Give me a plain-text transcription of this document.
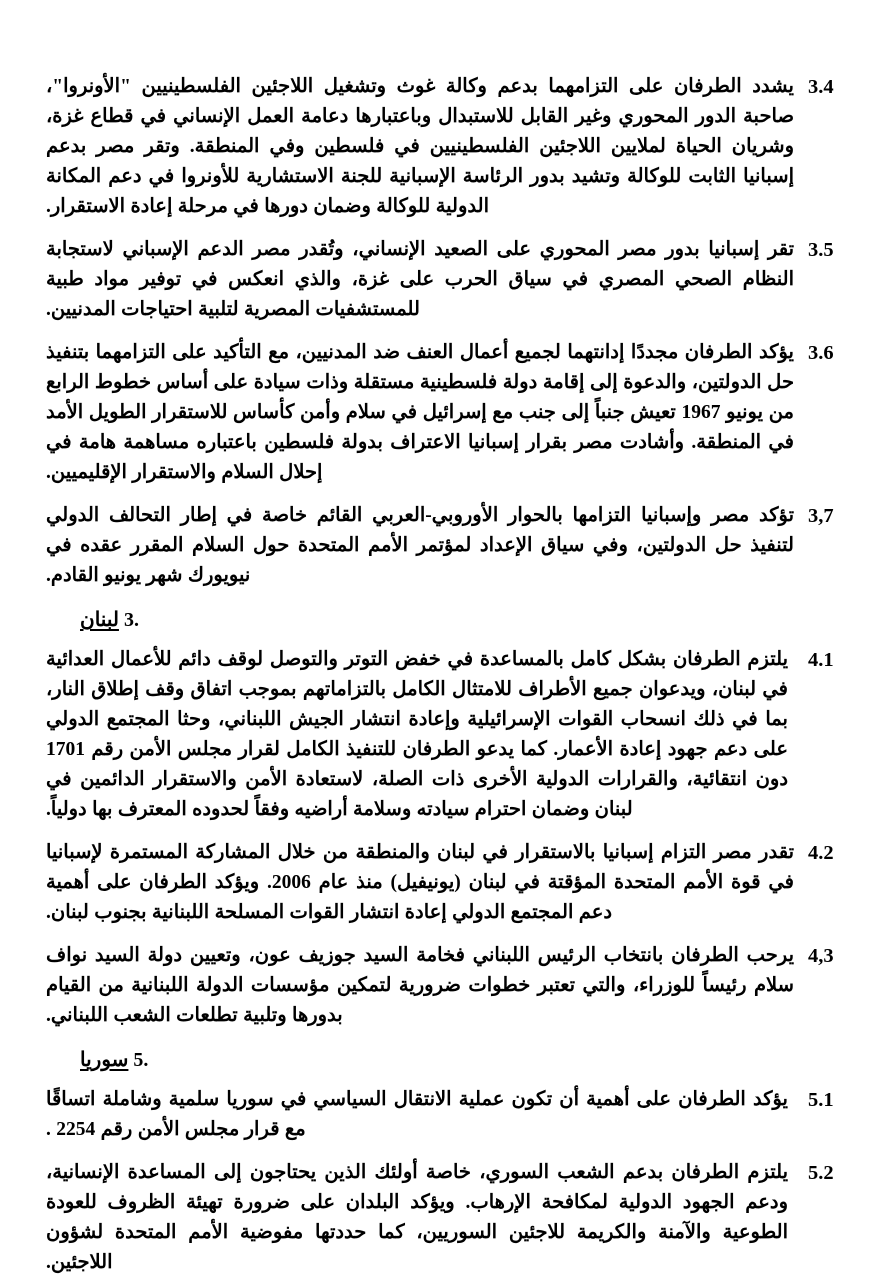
3.4
يشدد الطرفان على التزامهما بدعم وكالة غوث وتشغيل اللاجئين الفلسطينيين "الأونروا"، صاحبة الدور المحوري وغير القابل للاستبدال وباعتبارها دعامة العمل الإنساني في قطاع غزة، وشريان الحياة لملايين اللاجئين الفلسطينيين في فلسطين وفي المنطقة. وتقر مصر بدعم إسبانيا الثابت للوكالة وتشيد بدور الرئاسة الإسبانية للجنة الاستشارية للأونروا في دعم المكانة الدولية للوكالة وضمان دورها في مرحلة إعادة الاستقرار.
3.5
تقر إسبانيا بدور مصر المحوري على الصعيد الإنساني، وتُقدر مصر الدعم الإسباني لاستجابة النظام الصحي المصري في سياق الحرب على غزة، والذي انعكس في توفير مواد طبية للمستشفيات المصرية لتلبية احتياجات المدنيين.
3.6
يؤكد الطرفان مجددًا إدانتهما لجميع أعمال العنف ضد المدنيين، مع التأكيد على التزامهما بتنفيذ حل الدولتين، والدعوة إلى إقامة دولة فلسطينية مستقلة وذات سيادة على أساس خطوط الرابع من يونيو 1967 تعيش جنباً إلى جنب مع إسرائيل في سلام وأمن كأساس للاستقرار الطويل الأمد في المنطقة. وأشادت مصر بقرار إسبانيا الاعتراف بدولة فلسطين باعتباره مساهمة هامة في إحلال السلام والاستقرار الإقليميين.
3,7
تؤكد مصر وإسبانيا التزامها بالحوار الأوروبي-العربي القائم خاصة في إطار التحالف الدولي لتنفيذ حل الدولتين، وفي سياق الإعداد لمؤتمر الأمم المتحدة حول السلام المقرر عقده في نيويورك شهر يونيو القادم.
3. لبنان
4.1
يلتزم الطرفان بشكل كامل بالمساعدة في خفض التوتر والتوصل لوقف دائم للأعمال العدائية في لبنان، ويدعوان جميع الأطراف للامتثال الكامل بالتزاماتهم بموجب اتفاق وقف إطلاق النار، بما في ذلك انسحاب القوات الإسرائيلية وإعادة انتشار الجيش اللبناني، وحثا المجتمع الدولي على دعم جهود إعادة الأعمار. كما يدعو الطرفان للتنفيذ الكامل لقرار مجلس الأمن رقم 1701 دون انتقائية، والقرارات الدولية الأخرى ذات الصلة، لاستعادة الأمن والاستقرار الدائمين في لبنان وضمان احترام سيادته وسلامة أراضيه وفقاً لحدوده المعترف بها دولياً.
4.2
تقدر مصر التزام إسبانيا بالاستقرار في لبنان والمنطقة من خلال المشاركة المستمرة لإسبانيا في قوة الأمم المتحدة المؤقتة في لبنان (يونيفيل) منذ عام 2006. ويؤكد الطرفان على أهمية دعم المجتمع الدولي إعادة انتشار القوات المسلحة اللبنانية بجنوب لبنان.
4,3
يرحب الطرفان بانتخاب الرئيس اللبناني فخامة السيد جوزيف عون، وتعيين دولة السيد نواف سلام رئيساً للوزراء، والتي تعتبر خطوات ضرورية لتمكين مؤسسات الدولة اللبنانية من القيام بدورها وتلبية تطلعات الشعب اللبناني.
5. سوريا
5.1
يؤكد الطرفان على أهمية أن تكون عملية الانتقال السياسي في سوريا سلمية وشاملة اتساقًا مع قرار مجلس الأمن رقم 2254 .
5.2
يلتزم الطرفان بدعم الشعب السوري، خاصة أولئك الذين يحتاجون إلى المساعدة الإنسانية، ودعم الجهود الدولية لمكافحة الإرهاب. ويؤكد البلدان على ضرورة تهيئة الظروف للعودة الطوعية والآمنة والكريمة للاجئين السوريين، كما حددتها مفوضية الأمم المتحدة لشؤون اللاجئين.
